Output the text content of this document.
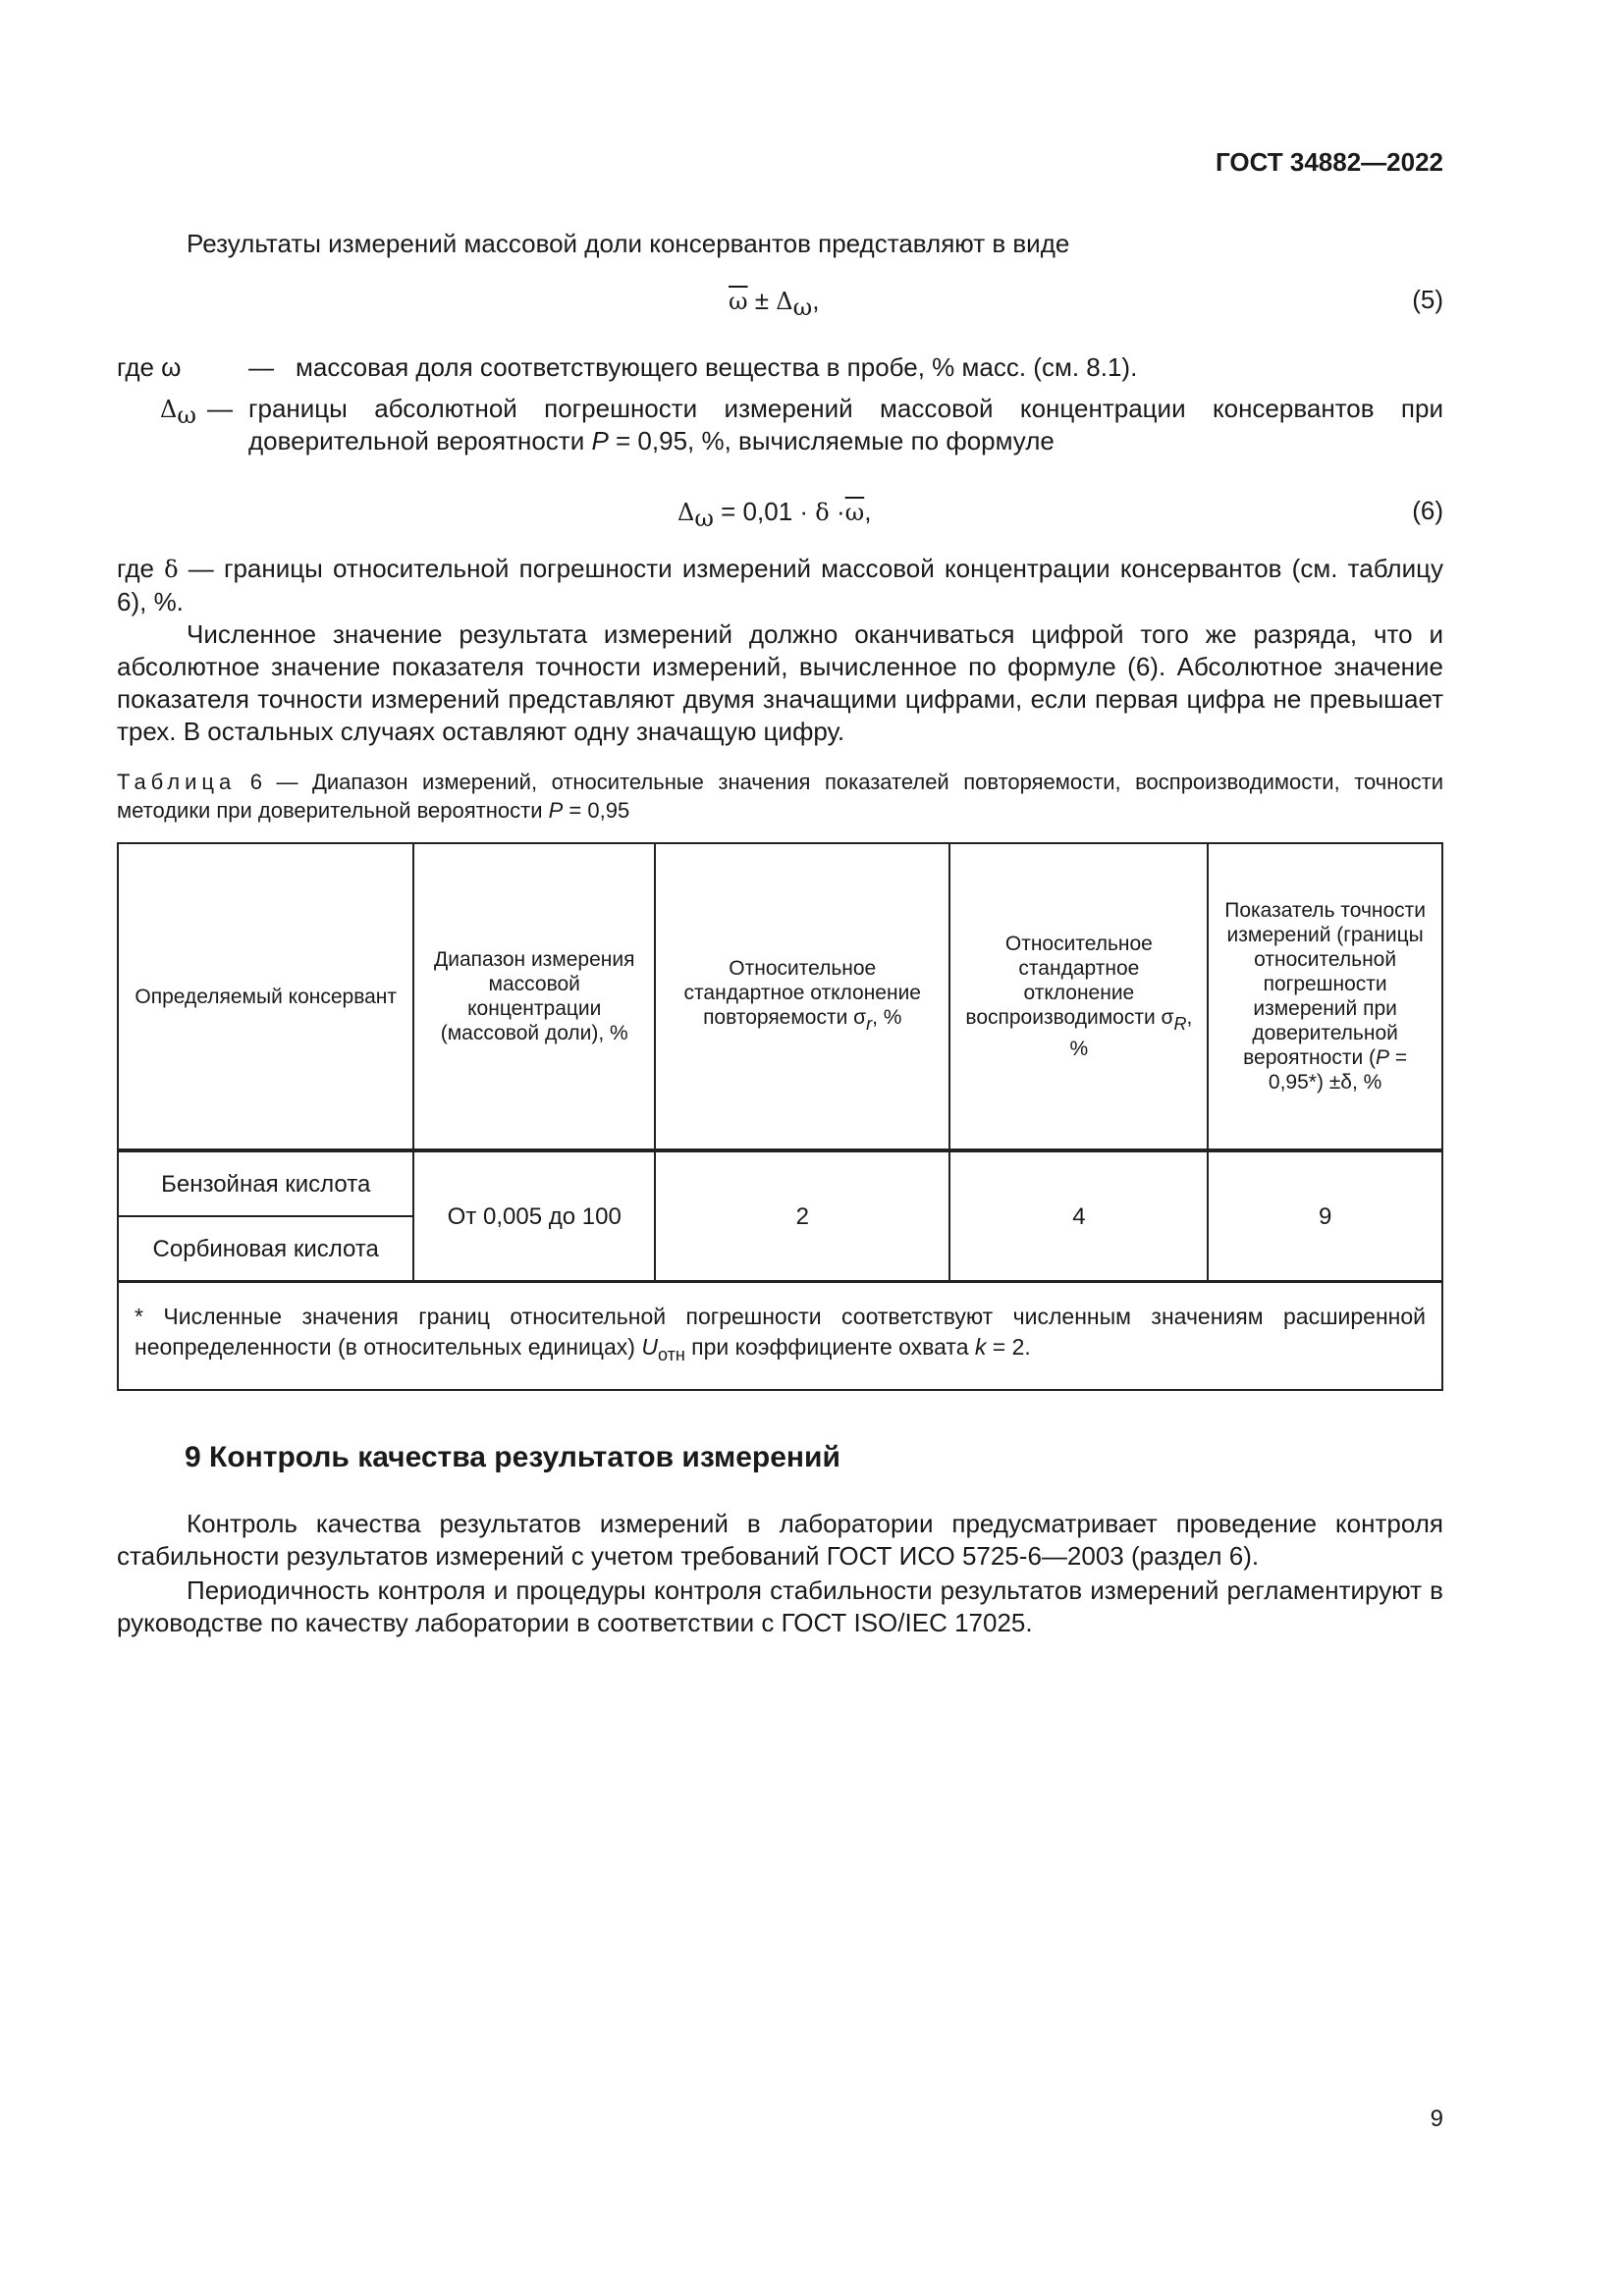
ГОСТ 34882—2022
Результаты измерений массовой доли консервантов представляют в виде
$\overline{\omega} \pm \Delta_\omega$,	(5)
где ω	— массовая доля соответствующего вещества в пробе, % масс. (см. 8.1).
$\Delta_\omega$ — границы абсолютной погрешности измерений массовой концентрации консервантов при доверительной вероятности P = 0,95, %, вычисляемые по формуле
$\Delta_\omega = 0,01 \cdot \delta \cdot\overline{\omega}$,	(6)
где δ — границы относительной погрешности измерений массовой концентрации консервантов (см. таблицу 6), %.
Численное значение результата измерений должно оканчиваться цифрой того же разряда, что и абсолютное значение показателя точности измерений, вычисленное по формуле (6). Абсолютное значение показателя точности измерений представляют двумя значащими цифрами, если первая цифра не превышает трех. В остальных случаях оставляют одну значащую цифру.
Таблица 6 — Диапазон измерений, относительные значения показателей повторяемости, воспроизводимости, точности методики при доверительной вероятности P = 0,95
Определяемый консервант	Диапазон измерения массовой концентрации (массовой доли), %	Относительное стандартное отклонение повторяемости $\sigma_r$, %	Относительное стандартное отклонение воспроизводимости $\sigma_R$, %	Показатель точности измерений (границы относительной погрешности измерений при доверительной вероятности (P = 0,95*) ±δ, %
Бензойная кислота	От 0,005 до 100	2	4	9
Сорбиновая кислота				
* Численные значения границ относительной погрешности соответствуют численным значениям расширенной неопределенности (в относительных единицах) $U_{отн}$ при коэффициенте охвата k = 2.				
9 Контроль качества результатов измерений
Контроль качества результатов измерений в лаборатории предусматривает проведение контроля стабильности результатов измерений с учетом требований ГОСТ ИСО 5725-6—2003 (раздел 6).
Периодичность контроля и процедуры контроля стабильности результатов измерений регламентируют в руководстве по качеству лаборатории в соответствии с ГОСТ ISO/IEC 17025.
9
